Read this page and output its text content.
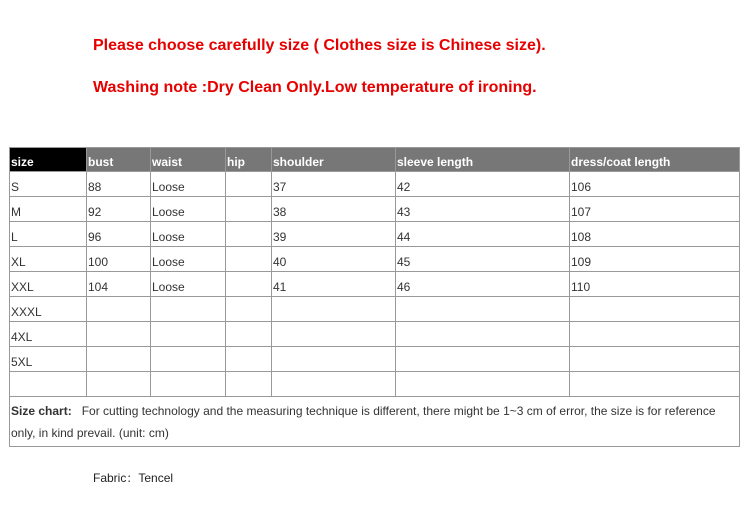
Please choose carefully size ( Clothes size is Chinese size).
Washing note :Dry Clean Only.Low temperature of ironing.
size	bust	waist	hip	shoulder	sleeve length	dress/coat length
S	88	Loose		37	42	106
M	92	Loose		38	43	107
L	96	Loose		39	44	108
XL	100	Loose		40	45	109
XXL	104	Loose		41	46	110
XXXL						
4XL						
5XL						

Size chart: For cutting technology and the measuring technique is different, there might be 1~3 cm of error, the size is for reference only, in kind prevail. (unit: cm)						
Fabric：Tencel
